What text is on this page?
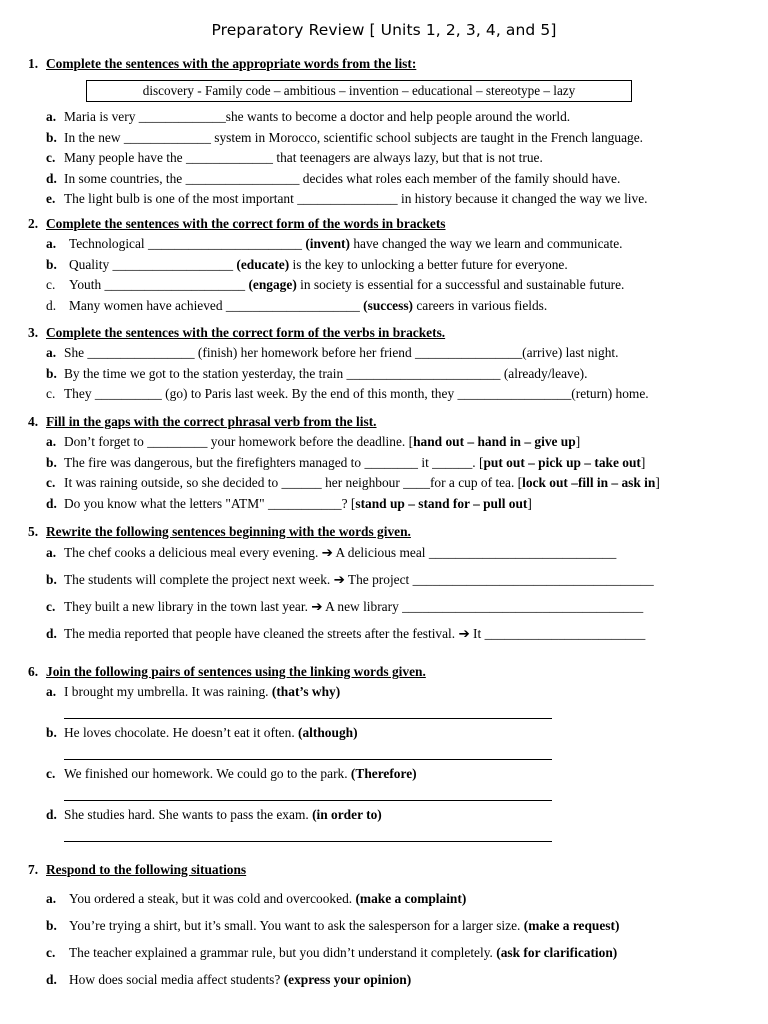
Preparatory Review [ Units 1, 2, 3, 4, and 5]
1. Complete the sentences with the appropriate words from the list:
discovery - Family code – ambitious – invention – educational – stereotype – lazy
a. Maria is very _____________she wants to become a doctor and help people around the world.
b. In the new _____________ system in Morocco, scientific school subjects are taught in the French language.
c. Many people have the _____________ that teenagers are always lazy, but that is not true.
d. In some countries, the _________________ decides what roles each member of the family should have.
e. The light bulb is one of the most important _______________ in history because it changed the way we live.
2. Complete the sentences with the correct form of the words in brackets
a. Technological _______________________ (invent) have changed the way we learn and communicate.
b. Quality __________________ (educate) is the key to unlocking a better future for everyone.
c. Youth _____________________ (engage) in society is essential for a successful and sustainable future.
d. Many women have achieved ____________________ (success) careers in various fields.
3. Complete the sentences with the correct form of the verbs in brackets.
a. She ________________ (finish) her homework before her friend ________________(arrive) last night.
b. By the time we got to the station yesterday, the train _______________________ (already/leave).
c. They __________ (go) to Paris last week. By the end of this month, they _________________(return) home.
4. Fill in the gaps with the correct phrasal verb from the list.
a. Don’t forget to _________ your homework before the deadline. [hand out – hand in – give up]
b. The fire was dangerous, but the firefighters managed to ________ it ______. [put out – pick up – take out]
c. It was raining outside, so she decided to ______ her neighbour ____for a cup of tea. [lock out –fill in – ask in]
d. Do you know what the letters "ATM" ___________? [stand up – stand for – pull out]
5. Rewrite the following sentences beginning with the words given.
a. The chef cooks a delicious meal every evening. ➔ A delicious meal ____________________________
b. The students will complete the project next week. ➔ The project ____________________________________
c. They built a new library in the town last year. ➔ A new library ____________________________________
d. The media reported that people have cleaned the streets after the festival. ➔ It ________________________
6. Join the following pairs of sentences using the linking words given.
a. I brought my umbrella. It was raining. (that’s why)
b. He loves chocolate. He doesn’t eat it often. (although)
c. We finished our homework. We could go to the park. (Therefore)
d. She studies hard. She wants to pass the exam. (in order to)
7. Respond to the following situations
a. You ordered a steak, but it was cold and overcooked. (make a complaint)
b. You’re trying a shirt, but it’s small. You want to ask the salesperson for a larger size. (make a request)
c. The teacher explained a grammar rule, but you didn’t understand it completely. (ask for clarification)
d. How does social media affect students? (express your opinion)
